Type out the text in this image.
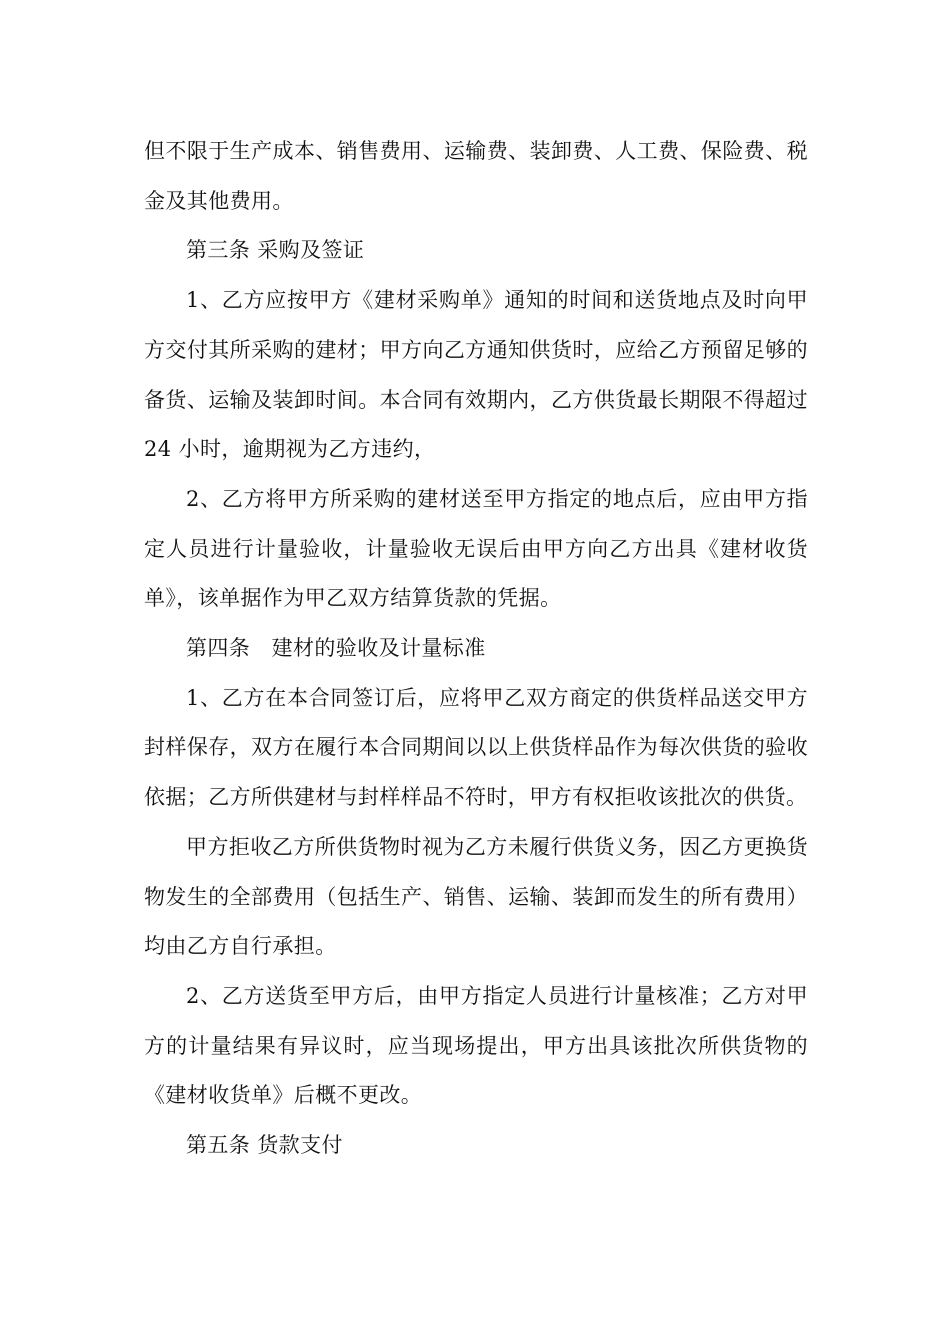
但不限于生产成本、销售费用、运输费、装卸费、人工费、保险费、税金及其他费用。

第三条 采购及签证

1、乙方应按甲方《建材采购单》通知的时间和送货地点及时向甲方交付其所采购的建材；甲方向乙方通知供货时，应给乙方预留足够的备货、运输及装卸时间。本合同有效期内，乙方供货最长期限不得超过 24 小时，逾期视为乙方违约，

2、乙方将甲方所采购的建材送至甲方指定的地点后，应由甲方指定人员进行计量验收，计量验收无误后由甲方向乙方出具《建材收货单》，该单据作为甲乙双方结算货款的凭据。

第四条　建材的验收及计量标准

1、乙方在本合同签订后，应将甲乙双方商定的供货样品送交甲方封样保存，双方在履行本合同期间以以上供货样品作为每次供货的验收依据；乙方所供建材与封样样品不符时，甲方有权拒收该批次的供货。

甲方拒收乙方所供货物时视为乙方未履行供货义务，因乙方更换货物发生的全部费用（包括生产、销售、运输、装卸而发生的所有费用）均由乙方自行承担。

2、乙方送货至甲方后，由甲方指定人员进行计量核准；乙方对甲方的计量结果有异议时，应当现场提出，甲方出具该批次所供货物的《建材收货单》后概不更改。

第五条 货款支付
